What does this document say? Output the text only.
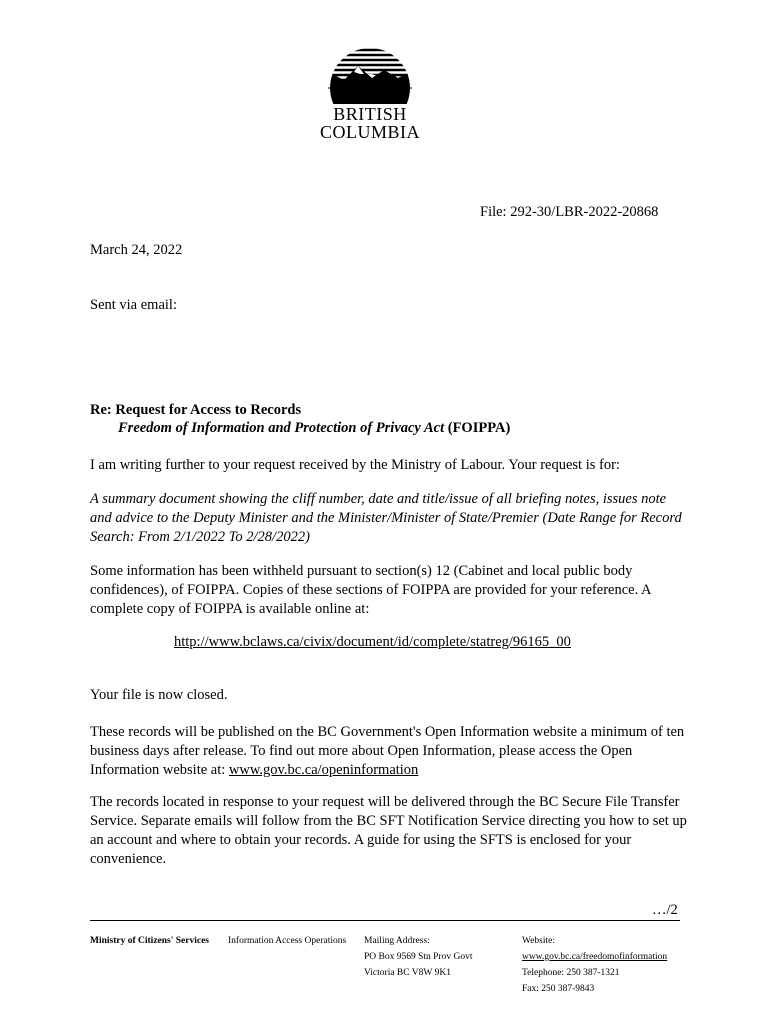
BRITISH
COLUMBIA
File: 292-30/LBR-2022-20868
March 24, 2022
Sent via email:
Re: Request for Access to Records
Freedom of Information and Protection of Privacy Act (FOIPPA)
I am writing further to your request received by the Ministry of Labour. Your request is for:
A summary document showing the cliff number, date and title/issue of all briefing notes, issues note and advice to the Deputy Minister and the Minister/Minister of State/Premier (Date Range for Record Search: From 2/1/2022 To 2/28/2022)
Some information has been withheld pursuant to section(s) 12 (Cabinet and local public body confidences), of FOIPPA. Copies of these sections of FOIPPA are provided for your reference. A complete copy of FOIPPA is available online at:
http://www.bclaws.ca/civix/document/id/complete/statreg/96165_00
Your file is now closed.
These records will be published on the BC Government's Open Information website a minimum of ten business days after release. To find out more about Open Information, please access the Open Information website at: www.gov.bc.ca/openinformation
The records located in response to your request will be delivered through the BC Secure File Transfer Service. Separate emails will follow from the BC SFT Notification Service directing you how to set up an account and where to obtain your records. A guide for using the SFTS is enclosed for your convenience.
…/2
Ministry of Citizens' Services Information Access Operations Mailing Address:
PO Box 9569 Stn Prov Govt
Victoria BC V8W 9K1
Website:
www.gov.bc.ca/freedomofinformation
Telephone: 250 387-1321
Fax: 250 387-9843
